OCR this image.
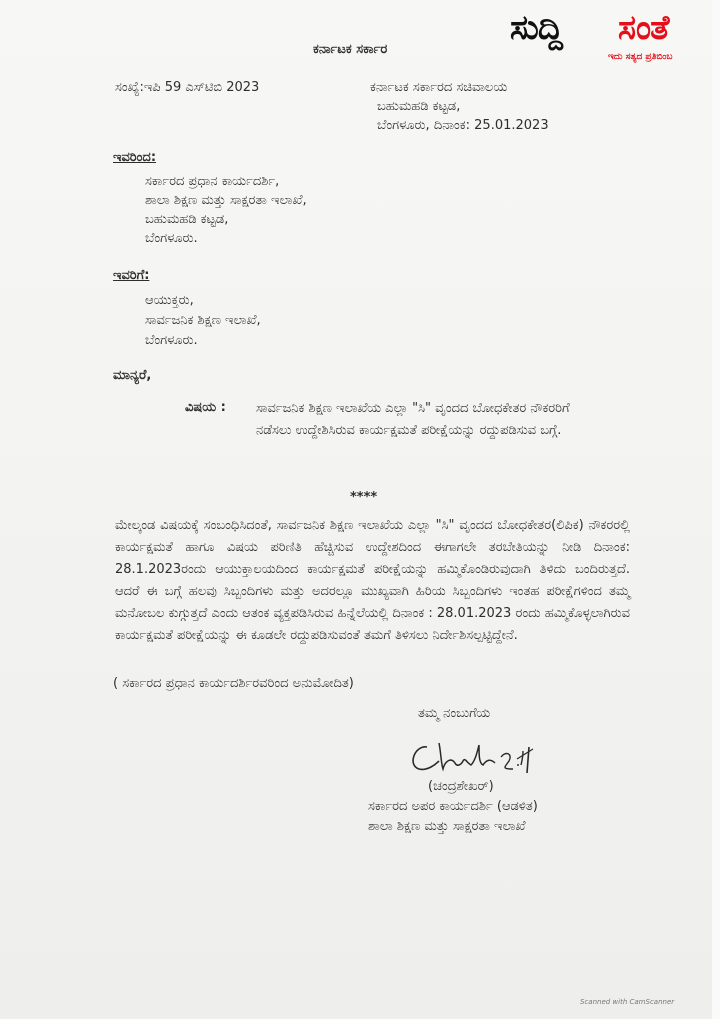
ಸುದ್ದಿ ಸಂತೆ
ಇದು ಸತ್ಯದ ಪ್ರತಿಬಿಂಬ
ಕರ್ನಾಟಕ ಸರ್ಕಾರ
ಸಂಖ್ಯೆ:ಇಪಿ 59 ಎಸ್‌ಟಿಬಿ 2023	ಕರ್ನಾಟಕ ಸರ್ಕಾರದ ಸಚಿವಾಲಯ
ಬಹುಮಹಡಿ ಕಟ್ಟಡ,
ಬೆಂಗಳೂರು, ದಿನಾಂಕ: 25.01.2023
ಇವರಿಂದ:
ಸರ್ಕಾರದ ಪ್ರಧಾನ ಕಾರ್ಯದರ್ಶಿ,
ಶಾಲಾ ಶಿಕ್ಷಣ ಮತ್ತು ಸಾಕ್ಷರತಾ ಇಲಾಖೆ,
ಬಹುಮಹಡಿ ಕಟ್ಟಡ,
ಬೆಂಗಳೂರು.
ಇವರಿಗೆ:
ಆಯುಕ್ತರು,
ಸಾರ್ವಜನಿಕ ಶಿಕ್ಷಣ ಇಲಾಖೆ,
ಬೆಂಗಳೂರು.
ಮಾನ್ಯರೆ,
ವಿಷಯ : ಸಾರ್ವಜನಿಕ ಶಿಕ್ಷಣ ಇಲಾಖೆಯ ಎಲ್ಲಾ "ಸಿ" ವೃಂದದ ಬೋಧಕೇತರ ನೌಕರರಿಗೆ ನಡೆಸಲು ಉದ್ದೇಶಿಸಿರುವ ಕಾರ್ಯಕ್ಷಮತೆ ಪರೀಕ್ಷೆಯನ್ನು ರದ್ದುಪಡಿಸುವ ಬಗ್ಗೆ.
****
ಮೇಲ್ಕಂಡ ವಿಷಯಕ್ಕೆ ಸಂಬಂಧಿಸಿದಂತೆ, ಸಾರ್ವಜನಿಕ ಶಿಕ್ಷಣ ಇಲಾಖೆಯ ಎಲ್ಲಾ "ಸಿ" ವೃಂದದ ಬೋಧಕೇತರ(ಲಿಪಿಕ) ನೌಕರರಲ್ಲಿ ಕಾರ್ಯಕ್ಷಮತೆ ಹಾಗೂ ವಿಷಯ ಪರಿಣಿತಿ ಹೆಚ್ಚಿಸುವ ಉದ್ದೇಶದಿಂದ ಈಗಾಗಲೇ ತರಬೇತಿಯನ್ನು ನೀಡಿ ದಿನಾಂಕ: 28.1.2023ರಂದು ಆಯುಕ್ತಾಲಯದಿಂದ ಕಾರ್ಯಕ್ಷಮತೆ ಪರೀಕ್ಷೆಯನ್ನು ಹಮ್ಮಿಕೊಂಡಿರುವುದಾಗಿ ತಿಳಿದು ಬಂದಿರುತ್ತದೆ. ಆದರೆ ಈ ಬಗ್ಗೆ ಹಲವು ಸಿಬ್ಬಂದಿಗಳು ಮತ್ತು ಅದರಲ್ಲೂ ಮುಖ್ಯವಾಗಿ ಹಿರಿಯ ಸಿಬ್ಬಂದಿಗಳು ಇಂತಹ ಪರೀಕ್ಷೆಗಳಿಂದ ತಮ್ಮ ಮನೋಬಲ ಕುಗ್ಗುತ್ತದೆ ಎಂದು ಆತಂಕ ವ್ಯಕ್ತಪಡಿಸಿರುವ ಹಿನ್ನೆಲೆಯಲ್ಲಿ ದಿನಾಂಕ : 28.01.2023 ರಂದು ಹಮ್ಮಿಕೊಳ್ಳಲಾಗಿರುವ ಕಾರ್ಯಕ್ಷಮತೆ ಪರೀಕ್ಷೆಯನ್ನು ಈ ಕೂಡಲೇ ರದ್ದುಪಡಿಸುವಂತೆ ತಮಗೆ ತಿಳಿಸಲು ನಿರ್ದೇಶಿಸಲ್ಪಟ್ಟಿದ್ದೇನೆ.
( ಸರ್ಕಾರದ ಪ್ರಧಾನ ಕಾರ್ಯದರ್ಶಿರವರಿಂದ ಅನುಮೋದಿತ)
ತಮ್ಮ ನಂಬುಗೆಯ
(ಚಂದ್ರಶೇಖರ್)
ಸರ್ಕಾರದ ಅಪರ ಕಾರ್ಯದರ್ಶಿ (ಆಡಳಿತ)
ಶಾಲಾ ಶಿಕ್ಷಣ ಮತ್ತು ಸಾಕ್ಷರತಾ ಇಲಾಖೆ
Scanned with CamScanner
